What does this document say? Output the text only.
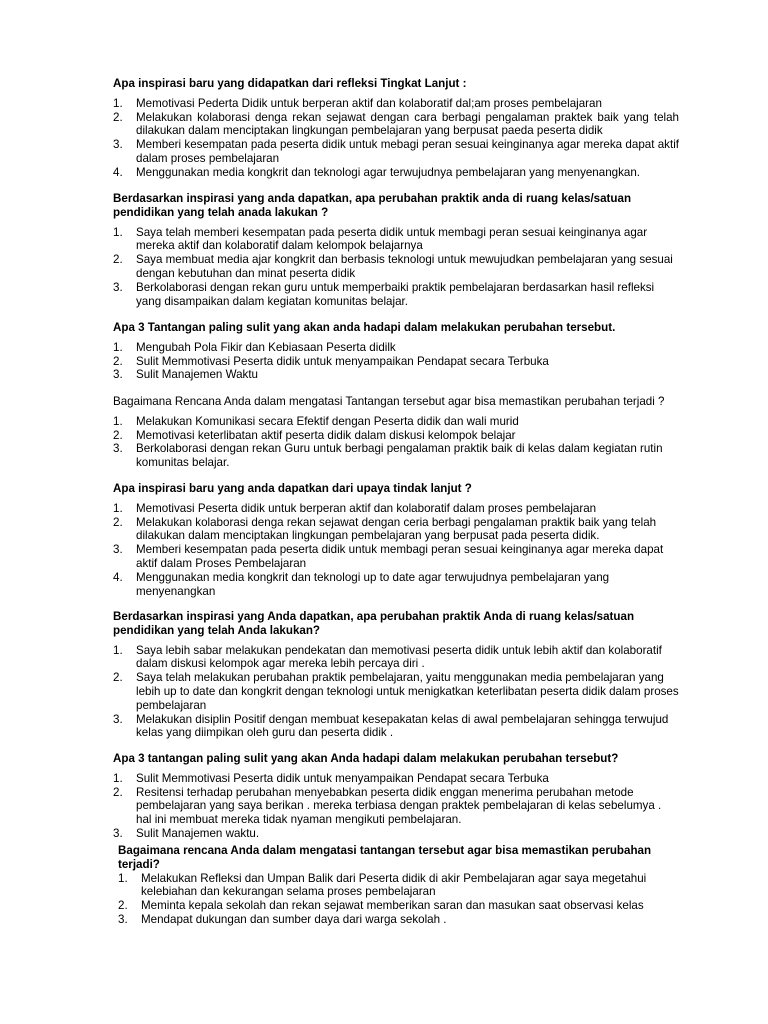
Apa inspirasi baru yang didapatkan dari refleksi Tingkat Lanjut :

1. Memotivasi Pederta Didik untuk berperan aktif dan kolaboratif dal;am proses pembelajaran
2. Melakukan kolaborasi denga rekan sejawat dengan cara berbagi pengalaman praktek baik yang telah dilakukan dalam menciptakan lingkungan pembelajaran yang berpusat paeda peserta didik
3. Memberi kesempatan pada peserta didik untuk mebagi peran sesuai keinginanya agar mereka dapat aktif dalam proses pembelajaran
4. Menggunakan media kongkrit dan teknologi agar terwujudnya pembelajaran yang menyenangkan.

Berdasarkan inspirasi yang anda dapatkan, apa perubahan praktik anda di ruang kelas/satuan pendidikan yang telah anada lakukan ?

1. Saya telah memberi kesempatan pada peserta didik untuk membagi peran sesuai keinginanya agar mereka aktif dan kolaboratif dalam kelompok belajarnya
2. Saya membuat media ajar kongkrit dan berbasis teknologi untuk mewujudkan pembelajaran yang sesuai dengan kebutuhan dan minat peserta didik
3. Berkolaborasi dengan rekan guru untuk memperbaiki praktik pembelajaran berdasarkan hasil refleksi yang disampaikan dalam kegiatan komunitas belajar.

Apa 3 Tantangan paling sulit yang akan anda hadapi dalam melakukan perubahan tersebut.

1. Mengubah Pola Fikir dan Kebiasaan Peserta didilk
2. Sulit Memmotivasi Peserta didik untuk menyampaikan Pendapat secara Terbuka
3. Sulit Manajemen Waktu

Bagaimana Rencana Anda dalam mengatasi Tantangan tersebut agar bisa memastikan perubahan terjadi ?

1. Melakukan Komunikasi secara Efektif dengan Peserta didik dan wali murid
2. Memotivasi keterlibatan aktif peserta didik dalam diskusi kelompok belajar
3. Berkolaborasi dengan rekan Guru untuk berbagi pengalaman praktik baik di kelas dalam kegiatan rutin komunitas belajar.

Apa inspirasi baru yang anda dapatkan dari upaya tindak lanjut ?

1. Memotivasi Peserta didik untuk berperan aktif dan kolaboratif dalam proses pembelajaran
2. Melakukan kolaborasi denga rekan sejawat dengan ceria berbagi pengalaman praktik baik yang telah dilakukan dalam menciptakan lingkungan pembelajaran yang berpusat pada peserta didik.
3. Memberi kesempatan pada peserta didik untuk membagi peran sesuai keinginanya agar mereka dapat aktif dalam Proses Pembelajaran
4. Menggunakan media kongkrit dan teknologi up to date agar terwujudnya pembelajaran yang menyenangkan

Berdasarkan inspirasi yang Anda dapatkan, apa perubahan praktik Anda di ruang kelas/satuan pendidikan yang telah Anda lakukan?

1. Saya lebih sabar melakukan pendekatan dan memotivasi peserta didik untuk lebih aktif dan kolaboratif dalam diskusi kelompok agar mereka lebih percaya diri .
2. Saya telah melakukan perubahan praktik pembelajaran, yaitu menggunakan media pembelajaran yang lebih up to date dan kongkrit dengan teknologi untuk menigkatkan keterlibatan peserta didik dalam proses pembelajaran
3. Melakukan disiplin Positif dengan membuat kesepakatan kelas di awal pembelajaran sehingga terwujud kelas yang diimpikan oleh guru dan peserta didik .

Apa 3 tantangan paling sulit yang akan Anda hadapi dalam melakukan perubahan tersebut?

1. Sulit Memmotivasi Peserta didik untuk menyampaikan Pendapat secara Terbuka
2. Resitensi terhadap perubahan menyebabkan peserta didik enggan menerima perubahan metode pembelajaran yang saya berikan . mereka terbiasa dengan praktek pembelajaran di kelas sebelumya . hal ini membuat mereka tidak nyaman mengikuti pembelajaran.
3. Sulit Manajemen waktu.

Bagaimana rencana Anda dalam mengatasi tantangan tersebut agar bisa memastikan perubahan terjadi?

1. Melakukan Refleksi dan Umpan Balik dari Peserta didik di akir Pembelajaran agar saya megetahui kelebiahan dan kekurangan selama proses pembelajaran
2. Meminta kepala sekolah dan rekan sejawat memberikan saran dan masukan saat observasi kelas
3. Mendapat dukungan dan sumber daya dari warga sekolah .
